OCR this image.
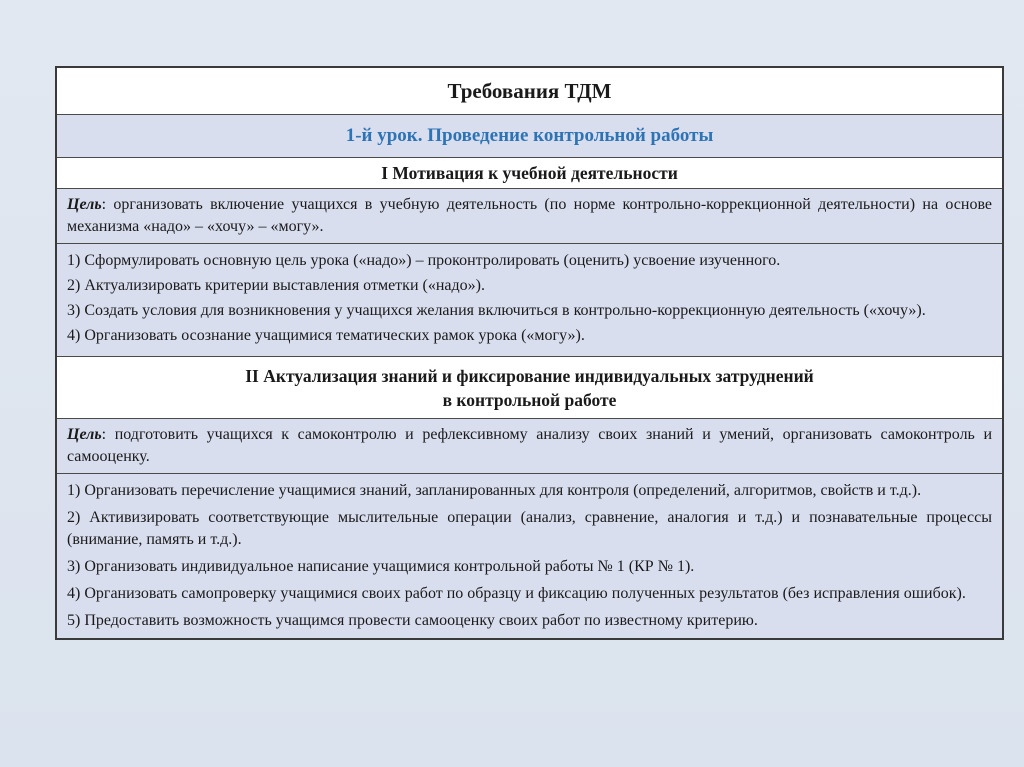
Требования ТДМ
1-й урок. Проведение контрольной работы
I Мотивация к учебной деятельности
Цель: организовать включение учащихся в учебную деятельность (по норме контрольно-коррекционной деятельности) на основе механизма «надо» – «хочу» – «могу».

1) Сформулировать основную цель урока («надо») – проконтролировать (оценить) усвоение изученного.

2) Актуализировать критерии выставления отметки («надо»).

3) Создать условия для возникновения у учащихся желания включиться в контрольно-коррекционную деятельность («хочу»).

4) Организовать осознание учащимися тематических рамок урока («могу»).

II Актуализация знаний и фиксирование индивидуальных затруднений
в контрольной работе
Цель: подготовить учащихся к самоконтролю и рефлексивному анализу своих знаний и умений, организовать самоконтроль и самооценку.

1) Организовать перечисление учащимися знаний, запланированных для контроля (определений, алгоритмов, свойств и т.д.).

2) Активизировать соответствующие мыслительные операции (анализ, сравнение, аналогия и т.д.) и познавательные процессы (внимание, память и т.д.).

3) Организовать индивидуальное написание учащимися контрольной работы № 1 (КР № 1).

4) Организовать самопроверку учащимися своих работ по образцу и фиксацию полученных результатов (без исправления ошибок).

5) Предоставить возможность учащимся провести самооценку своих работ по известному критерию.
